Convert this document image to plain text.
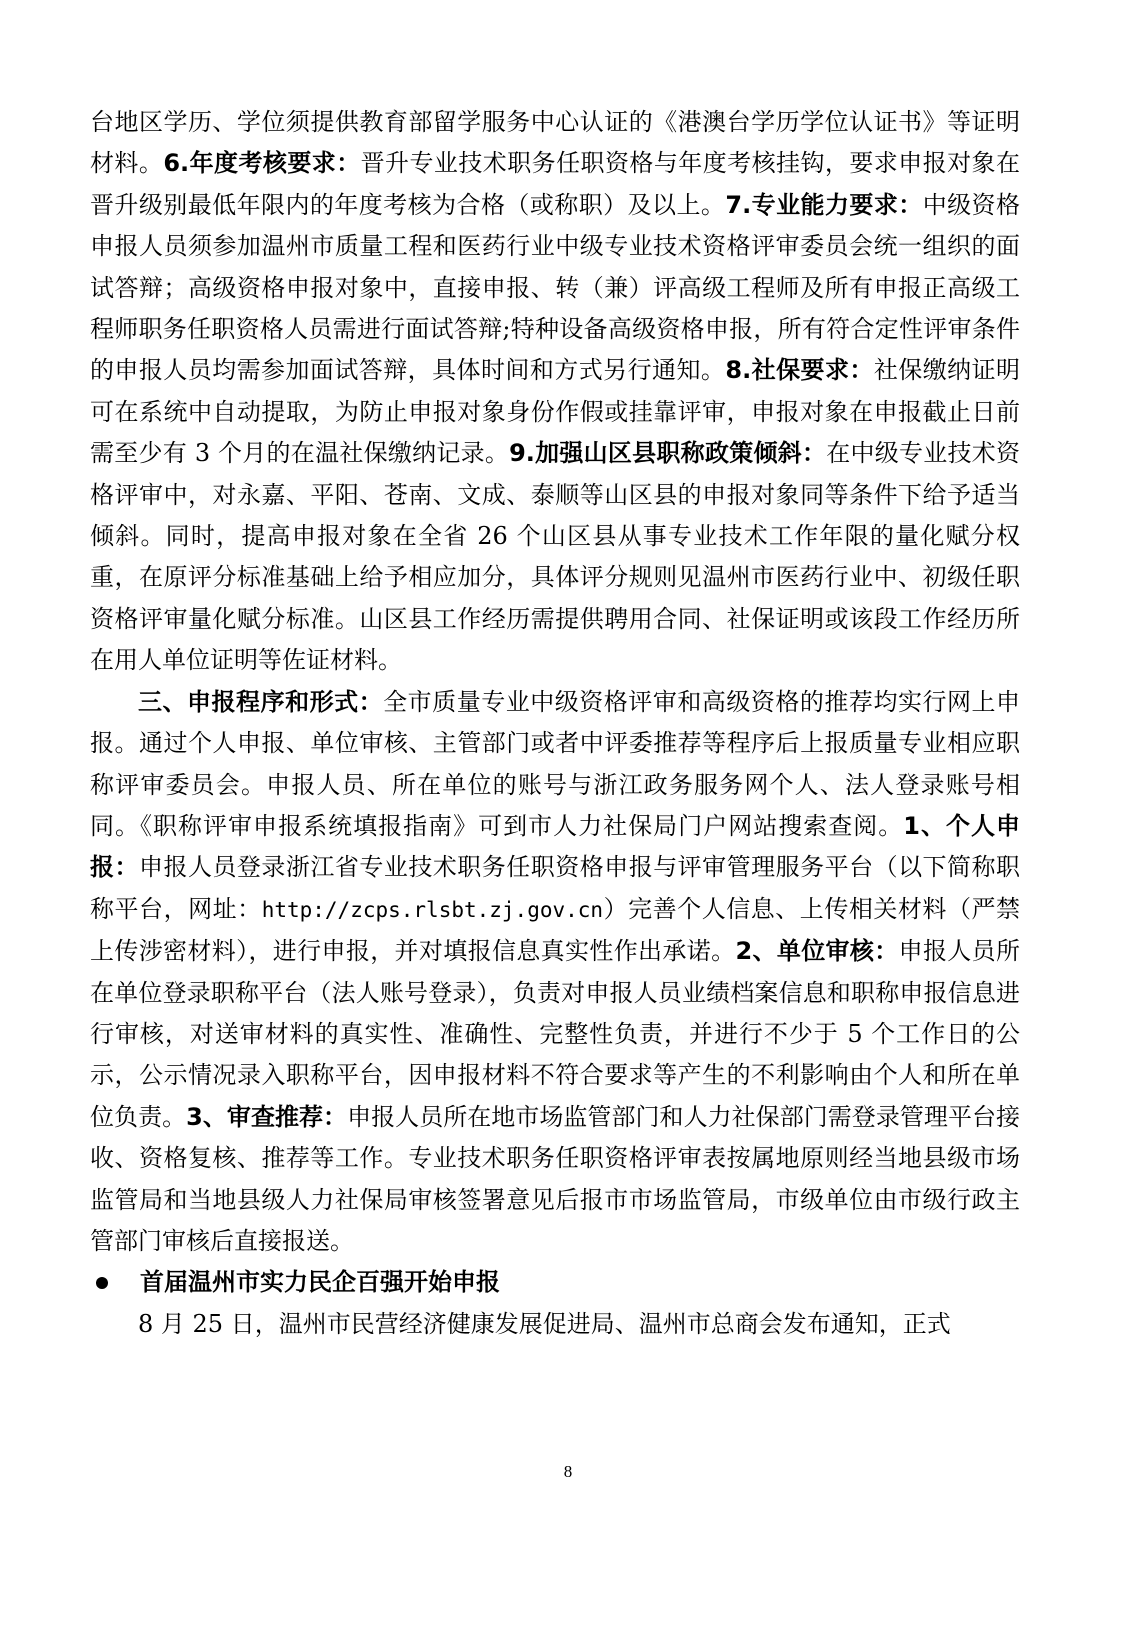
台地区学历、学位须提供教育部留学服务中心认证的《港澳台学历学位认证书》等证明材料。6.年度考核要求：晋升专业技术职务任职资格与年度考核挂钩，要求申报对象在晋升级别最低年限内的年度考核为合格（或称职）及以上。7.专业能力要求：中级资格申报人员须参加温州市质量工程和医药行业中级专业技术资格评审委员会统一组织的面试答辩；高级资格申报对象中，直接申报、转（兼）评高级工程师及所有申报正高级工程师职务任职资格人员需进行面试答辩;特种设备高级资格申报，所有符合定性评审条件的申报人员均需参加面试答辩，具体时间和方式另行通知。8.社保要求：社保缴纳证明可在系统中自动提取，为防止申报对象身份作假或挂靠评审，申报对象在申报截止日前需至少有 3 个月的在温社保缴纳记录。9.加强山区县职称政策倾斜：在中级专业技术资格评审中，对永嘉、平阳、苍南、文成、泰顺等山区县的申报对象同等条件下给予适当倾斜。同时，提高申报对象在全省 26 个山区县从事专业技术工作年限的量化赋分权重，在原评分标准基础上给予相应加分，具体评分规则见温州市医药行业中、初级任职资格评审量化赋分标准。山区县工作经历需提供聘用合同、社保证明或该段工作经历所在用人单位证明等佐证材料。

三、申报程序和形式：全市质量专业中级资格评审和高级资格的推荐均实行网上申报。通过个人申报、单位审核、主管部门或者中评委推荐等程序后上报质量专业相应职称评审委员会。申报人员、所在单位的账号与浙江政务服务网个人、法人登录账号相同。《职称评审申报系统填报指南》可到市人力社保局门户网站搜索查阅。1、个人申报：申报人员登录浙江省专业技术职务任职资格申报与评审管理服务平台（以下简称职称平台，网址：http://zcps.rlsbt.zj.gov.cn）完善个人信息、上传相关材料（严禁上传涉密材料），进行申报，并对填报信息真实性作出承诺。2、单位审核：申报人员所在单位登录职称平台（法人账号登录），负责对申报人员业绩档案信息和职称申报信息进行审核，对送审材料的真实性、准确性、完整性负责，并进行不少于 5 个工作日的公示，公示情况录入职称平台，因申报材料不符合要求等产生的不利影响由个人和所在单位负责。3、审查推荐：申报人员所在地市场监管部门和人力社保部门需登录管理平台接收、资格复核、推荐等工作。专业技术职务任职资格评审表按属地原则经当地县级市场监管局和当地县级人力社保局审核签署意见后报市市场监管局，市级单位由市级行政主管部门审核后直接报送。

首届温州市实力民企百强开始申报

8 月 25 日，温州市民营经济健康发展促进局、温州市总商会发布通知，正式

8
